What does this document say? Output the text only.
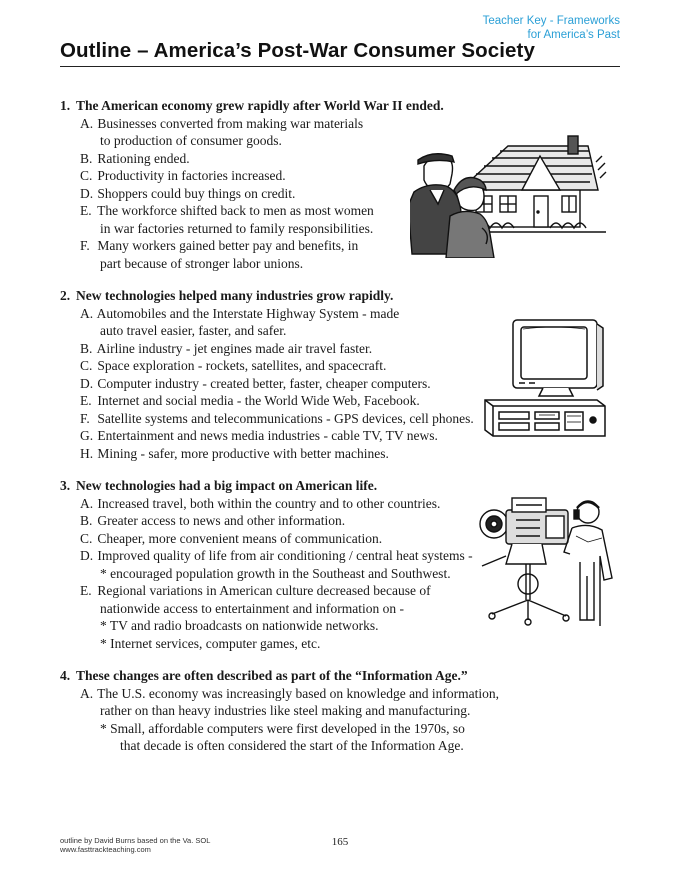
Teacher Key - Frameworks
for America’s Past
Outline – America’s Post-War Consumer Society
1. The American economy grew rapidly after World War II ended.
A. Businesses converted from making war materials
to production of consumer goods.
B. Rationing ended.
C. Productivity in factories increased.
D. Shoppers could buy things on credit.
E. The workforce shifted back to men as most women
in war factories returned to family responsibilities.
F. Many workers gained better pay and benefits, in
part because of stronger labor unions.
2. New technologies helped many industries grow rapidly.
A. Automobiles and the Interstate Highway System - made
auto travel easier, faster, and safer.
B. Airline industry - jet engines made air travel faster.
C. Space exploration - rockets, satellites, and spacecraft.
D. Computer industry - created better, faster, cheaper computers.
E. Internet and social media - the World Wide Web, Facebook.
F. Satellite systems and telecommunications - GPS devices, cell phones.
G. Entertainment and news media industries - cable TV, TV news.
H. Mining - safer, more productive with better machines.
3. New technologies had a big impact on American life.
A. Increased travel, both within the country and to other countries.
B. Greater access to news and other information.
C. Cheaper, more convenient means of communication.
D. Improved quality of life from air conditioning / central heat systems -
* encouraged population growth in the Southeast and Southwest.
E. Regional variations in American culture decreased because of
nationwide access to entertainment and information on -
* TV and radio broadcasts on nationwide networks.
* Internet services, computer games, etc.
4. These changes are often described as part of the “Information Age.”
A. The U.S. economy was increasingly based on knowledge and information,
rather on than heavy industries like steel making and manufacturing.
* Small, affordable computers were first developed in the 1970s, so
that decade is often considered the start of the Information Age.
outline by David Burns based on the Va. SOL
www.fasttrackteaching.com
165
